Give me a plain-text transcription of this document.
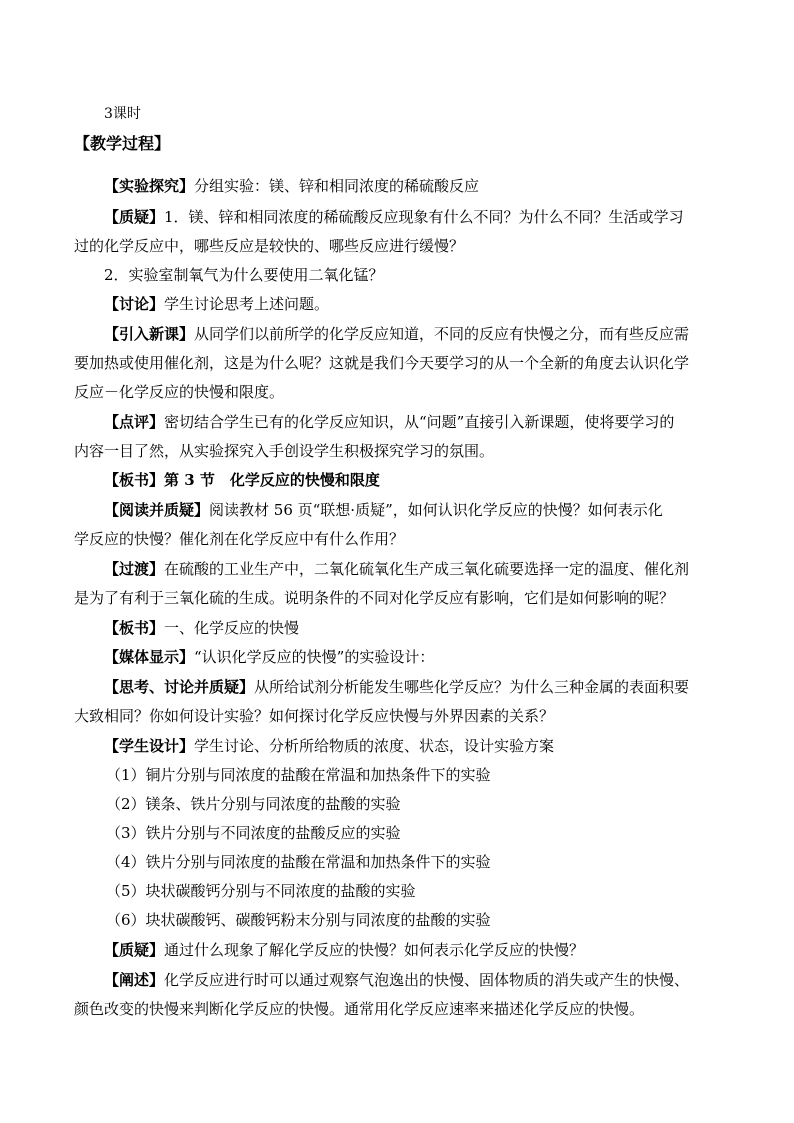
3课时
【教学过程】
【实验探究】分组实验：镁、锌和相同浓度的稀硫酸反应
【质疑】1．镁、锌和相同浓度的稀硫酸反应现象有什么不同？为什么不同？生活或学习
过的化学反应中，哪些反应是较快的、哪些反应进行缓慢？
2．实验室制氧气为什么要使用二氧化锰？
【讨论】学生讨论思考上述问题。
【引入新课】从同学们以前所学的化学反应知道，不同的反应有快慢之分，而有些反应需
要加热或使用催化剂，这是为什么呢？这就是我们今天要学习的从一个全新的角度去认识化学
反应－化学反应的快慢和限度。
【点评】密切结合学生已有的化学反应知识，从“问题”直接引入新课题，使将要学习的
内容一目了然，从实验探究入手创设学生积极探究学习的氛围。
【板书】第 3 节　化学反应的快慢和限度
【阅读并质疑】阅读教材 56 页“联想·质疑”，如何认识化学反应的快慢？如何表示化
学反应的快慢？催化剂在化学反应中有什么作用？
【过渡】在硫酸的工业生产中，二氧化硫氧化生产成三氧化硫要选择一定的温度、催化剂
是为了有利于三氧化硫的生成。说明条件的不同对化学反应有影响，它们是如何影响的呢？
【板书】一、化学反应的快慢
【媒体显示】“认识化学反应的快慢”的实验设计：
【思考、讨论并质疑】从所给试剂分析能发生哪些化学反应？为什么三种金属的表面积要
大致相同？你如何设计实验？如何探讨化学反应快慢与外界因素的关系？
【学生设计】学生讨论、分析所给物质的浓度、状态，设计实验方案
（1）铜片分别与同浓度的盐酸在常温和加热条件下的实验
（2）镁条、铁片分别与同浓度的盐酸的实验
（3）铁片分别与不同浓度的盐酸反应的实验
（4）铁片分别与同浓度的盐酸在常温和加热条件下的实验
（5）块状碳酸钙分别与不同浓度的盐酸的实验
（6）块状碳酸钙、碳酸钙粉末分别与同浓度的盐酸的实验
【质疑】通过什么现象了解化学反应的快慢？如何表示化学反应的快慢？
【阐述】化学反应进行时可以通过观察气泡逸出的快慢、固体物质的消失或产生的快慢、
颜色改变的快慢来判断化学反应的快慢。通常用化学反应速率来描述化学反应的快慢。
